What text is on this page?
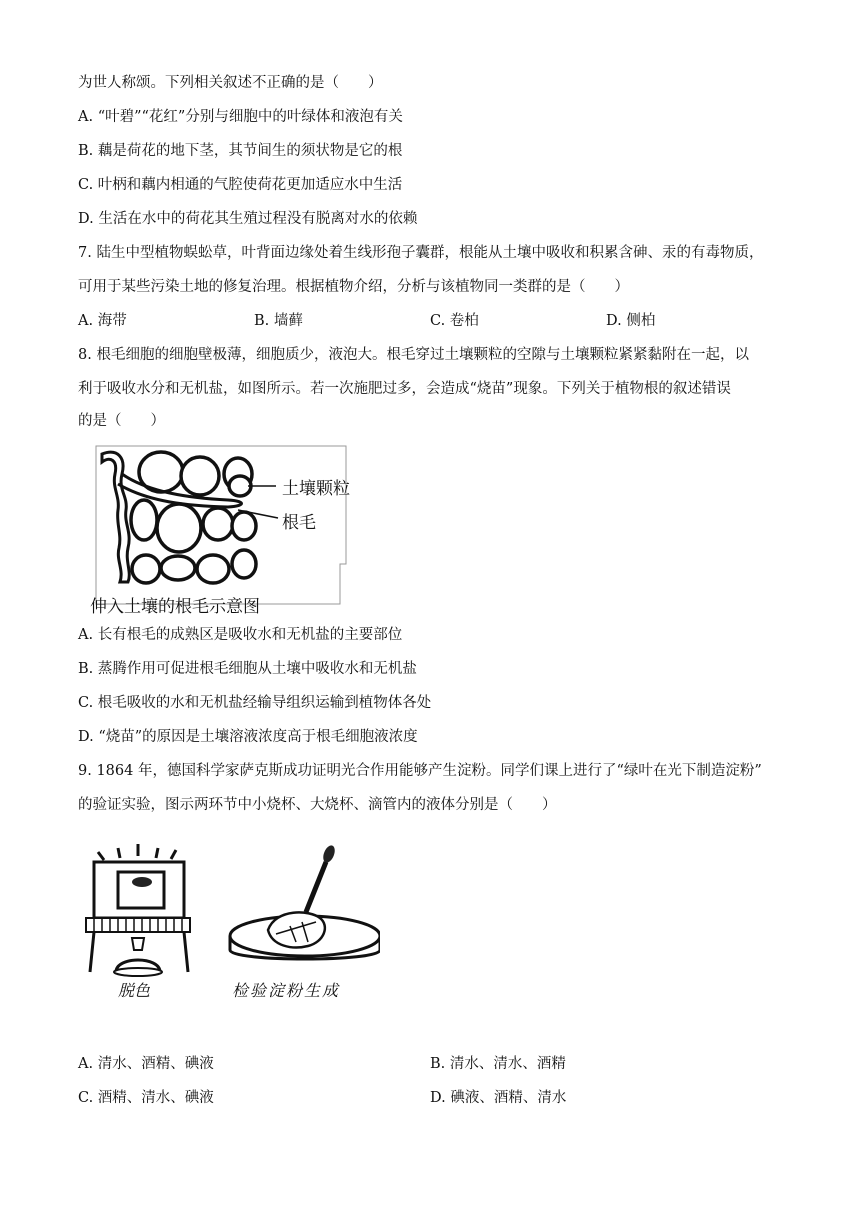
为世人称颂。下列相关叙述不正确的是（　　）
A. “叶碧”“花红”分别与细胞中的叶绿体和液泡有关
B. 藕是荷花的地下茎，其节间生的须状物是它的根
C. 叶柄和藕内相通的气腔使荷花更加适应水中生活
D. 生活在水中的荷花其生殖过程没有脱离对水的依赖
7. 陆生中型植物蜈蚣草，叶背面边缘处着生线形孢子囊群，根能从土壤中吸收和积累含砷、汞的有毒物质，
可用于某些污染土地的修复治理。根据植物介绍，分析与该植物同一类群的是（　　）
A. 海带	B. 墙藓	C. 卷柏	D. 侧柏
8. 根毛细胞的细胞壁极薄，细胞质少，液泡大。根毛穿过土壤颗粒的空隙与土壤颗粒紧紧黏附在一起，以
利于吸收水分和无机盐，如图所示。若一次施肥过多，会造成“烧苗”现象。下列关于植物根的叙述错误
的是（　　）
土壤颗粒
根毛
伸入土壤的根毛示意图
A. 长有根毛的成熟区是吸收水和无机盐的主要部位
B. 蒸腾作用可促进根毛细胞从土壤中吸收水和无机盐
C. 根毛吸收的水和无机盐经输导组织运输到植物体各处
D. “烧苗”的原因是土壤溶液浓度高于根毛细胞液浓度
9. 1864 年，德国科学家萨克斯成功证明光合作用能够产生淀粉。同学们课上进行了“绿叶在光下制造淀粉”
的验证实验，图示两环节中小烧杯、大烧杯、滴管内的液体分别是（　　）
脱色	检验淀粉生成
A. 清水、酒精、碘液	B. 清水、清水、酒精
C. 酒精、清水、碘液	D. 碘液、酒精、清水
